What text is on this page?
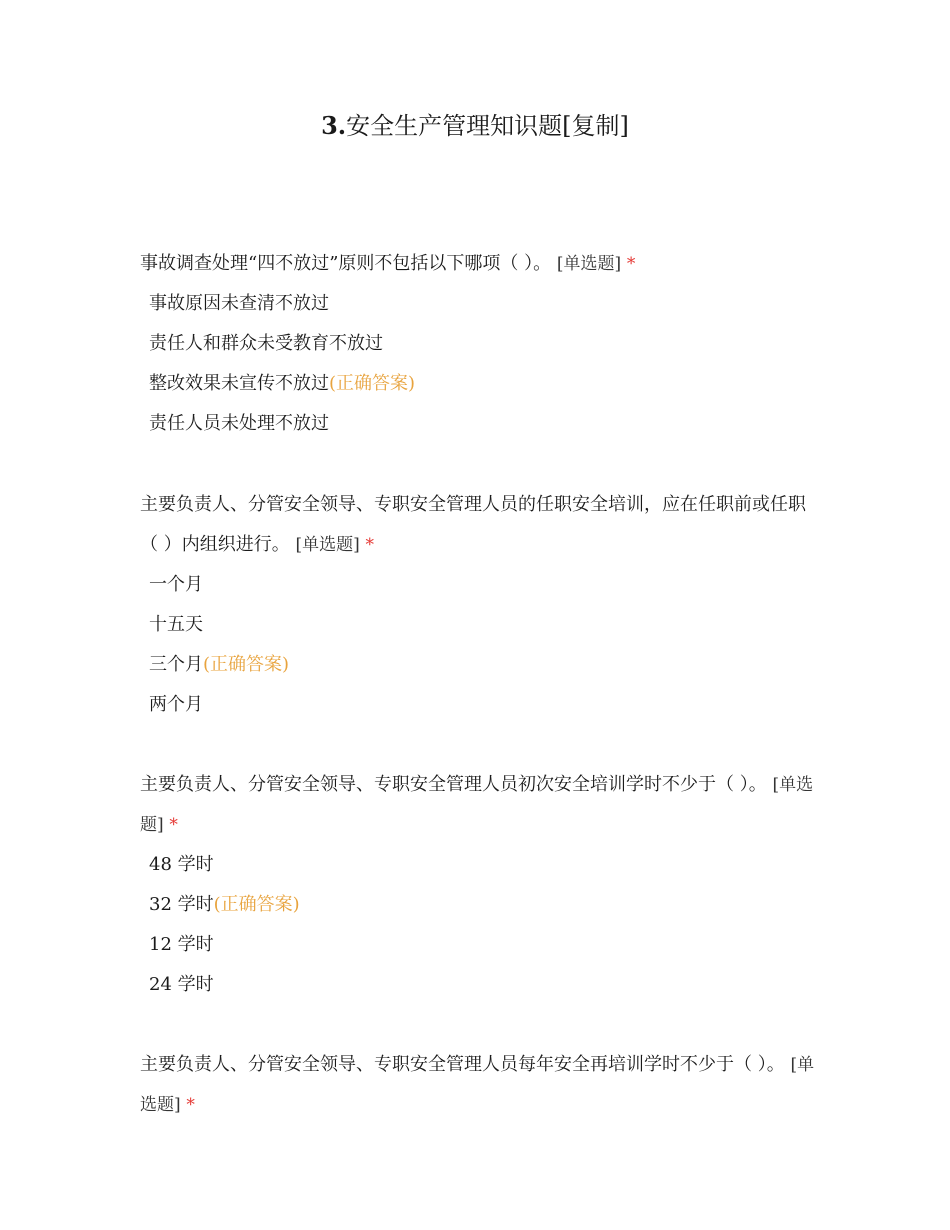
3.安全生产管理知识题[复制]
事故调查处理“四不放过”原则不包括以下哪项（ ）。 [单选题] *
事故原因未查清不放过
责任人和群众未受教育不放过
整改效果未宣传不放过(正确答案)
责任人员未处理不放过
主要负责人、分管安全领导、专职安全管理人员的任职安全培训，应在任职前或任职（ ）内组织进行。 [单选题] *
一个月
十五天
三个月(正确答案)
两个月
主要负责人、分管安全领导、专职安全管理人员初次安全培训学时不少于（ ）。 [单选题] *
48 学时
32 学时(正确答案)
12 学时
24 学时
主要负责人、分管安全领导、专职安全管理人员每年安全再培训学时不少于（ ）。 [单选题] *
